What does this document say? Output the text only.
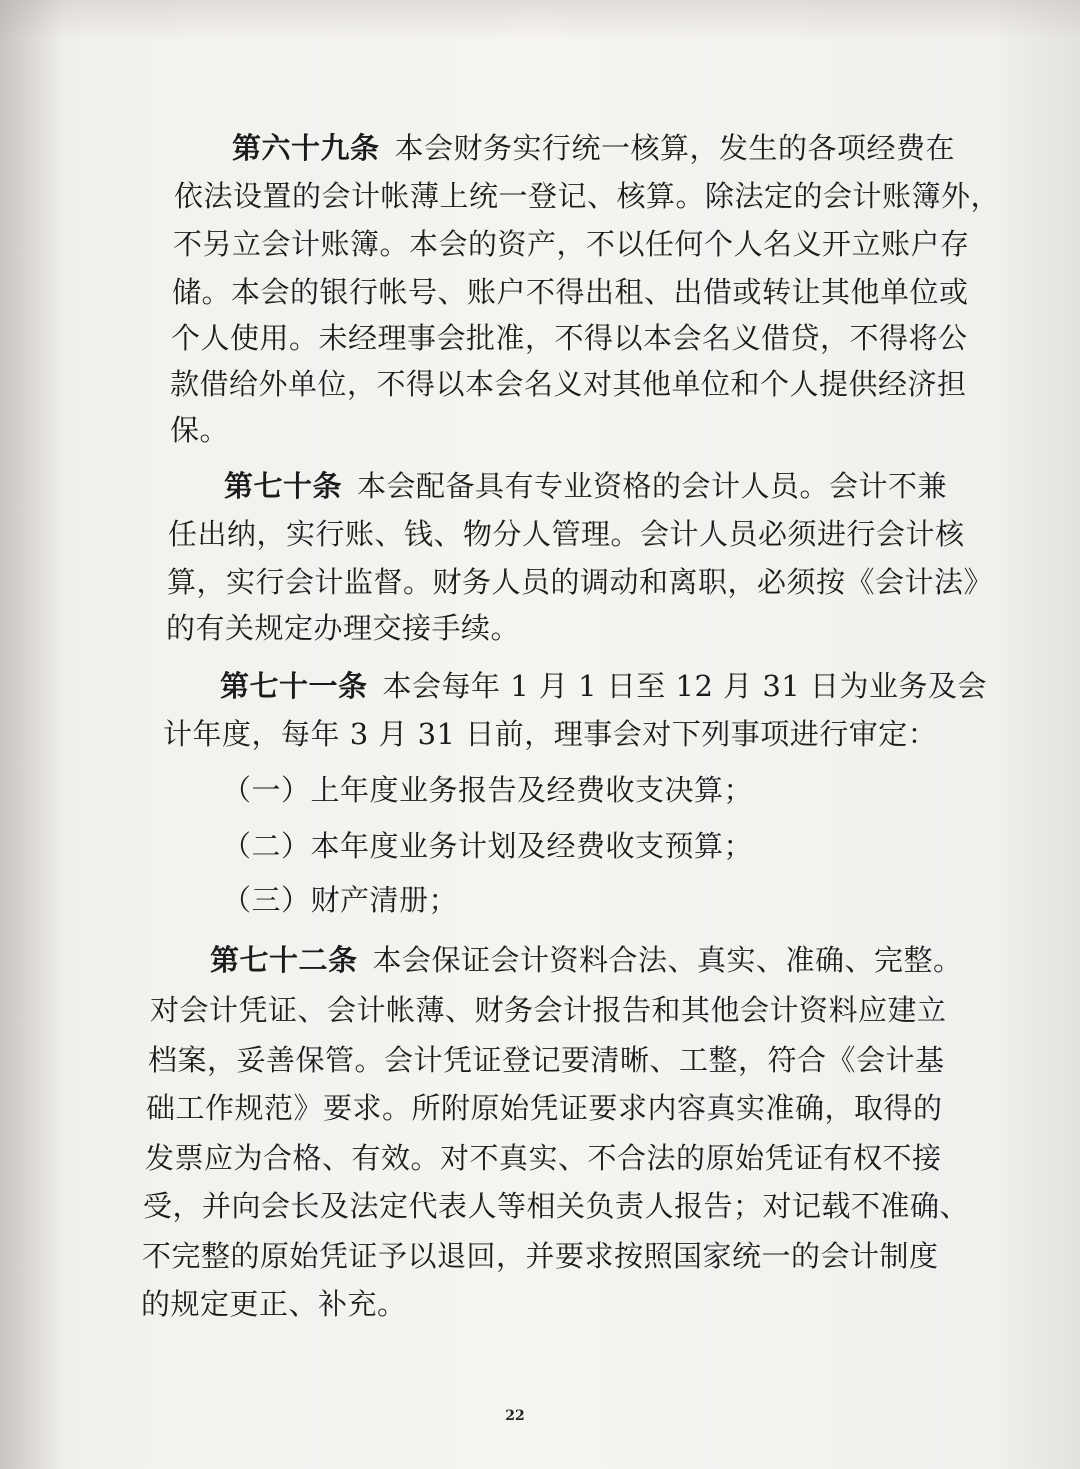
第六十九条  本会财务实行统一核算，发生的各项经费在
依法设置的会计帐薄上统一登记、核算。除法定的会计账簿外，
不另立会计账簿。本会的资产，不以任何个人名义开立账户存
储。本会的银行帐号、账户不得出租、出借或转让其他单位或
个人使用。未经理事会批准，不得以本会名义借贷，不得将公
款借给外单位，不得以本会名义对其他单位和个人提供经济担
保。
第七十条  本会配备具有专业资格的会计人员。会计不兼
任出纳，实行账、钱、物分人管理。会计人员必须进行会计核
算，实行会计监督。财务人员的调动和离职，必须按《会计法》
的有关规定办理交接手续。
第七十一条  本会每年 1 月 1 日至 12 月 31 日为业务及会
计年度，每年 3 月 31 日前，理事会对下列事项进行审定：
（一）上年度业务报告及经费收支决算；
（二）本年度业务计划及经费收支预算；
（三）财产清册；
第七十二条  本会保证会计资料合法、真实、准确、完整。
对会计凭证、会计帐薄、财务会计报告和其他会计资料应建立
档案，妥善保管。会计凭证登记要清晰、工整，符合《会计基
础工作规范》要求。所附原始凭证要求内容真实准确，取得的
发票应为合格、有效。对不真实、不合法的原始凭证有权不接
受，并向会长及法定代表人等相关负责人报告；对记载不准确、
不完整的原始凭证予以退回，并要求按照国家统一的会计制度
的规定更正、补充。
22
